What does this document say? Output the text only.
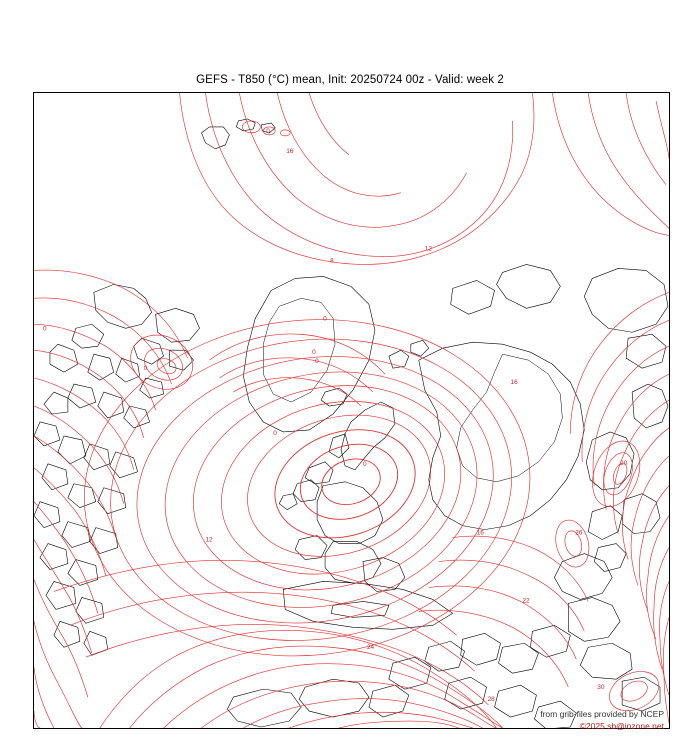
GEFS - T850 (°C) mean, Init: 20250724 00z - Valid: week 2
16
0
12
8
0
0
0
0
0
0
0
12
16
16
20
22
24
26
28
30
from grib-files provided by NCEP
©2025 sb@inzone.net
